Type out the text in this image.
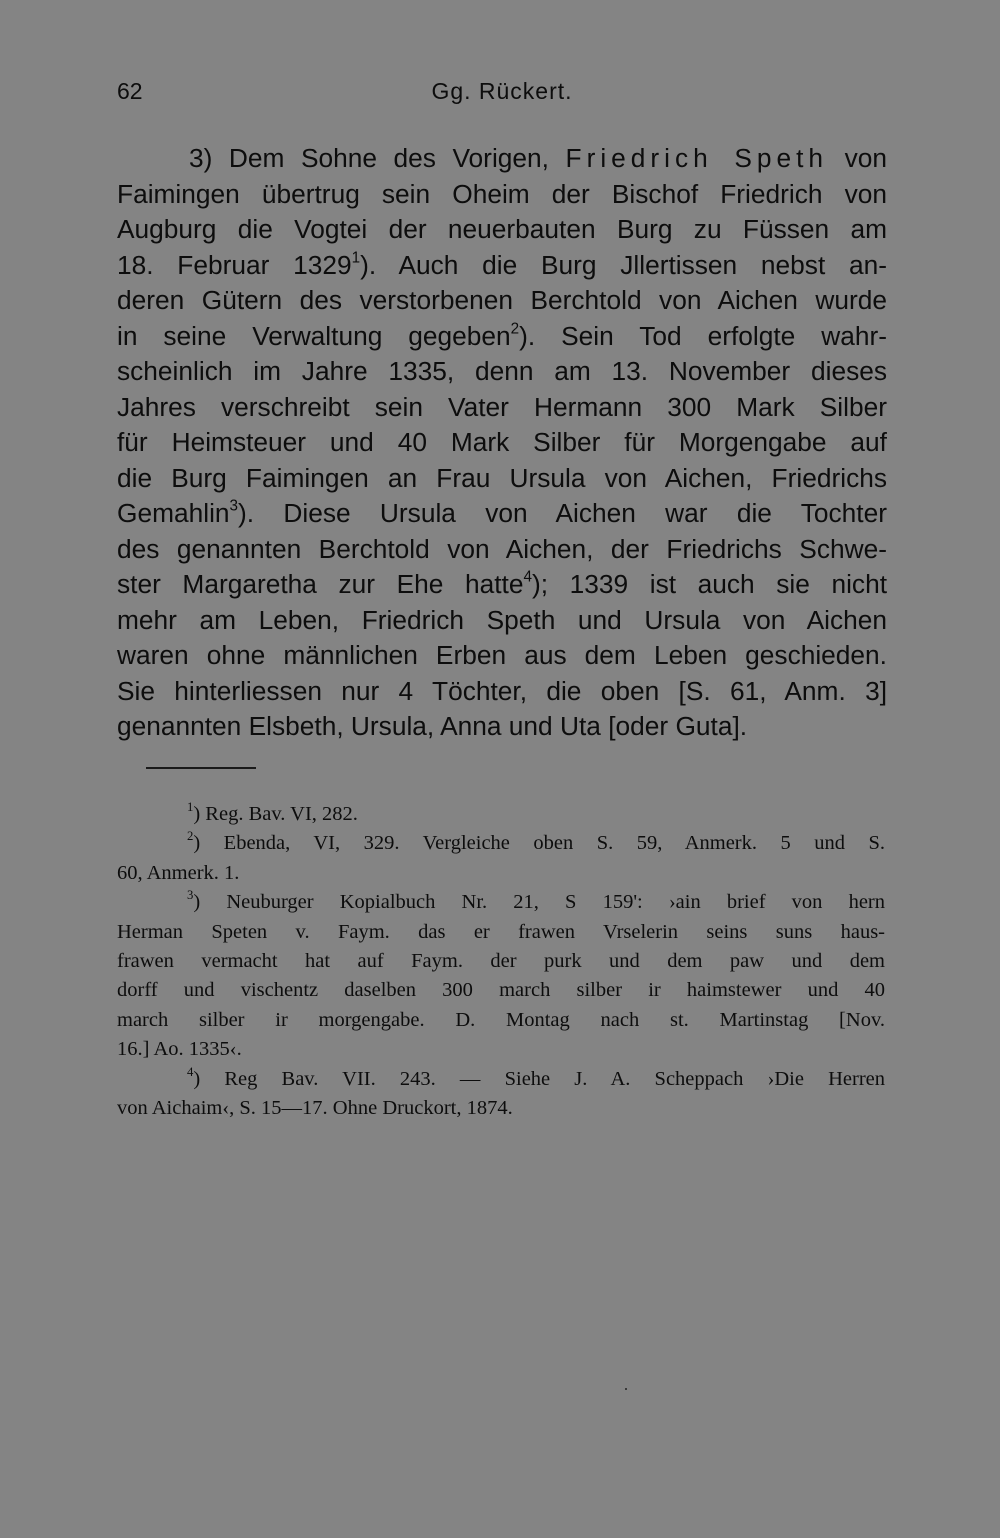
62	Gg. Rückert.
3) Dem Sohne des Vorigen, Friedrich Speth von
Faimingen übertrug sein Oheim der Bischof Friedrich von
Augburg die Vogtei der neuerbauten Burg zu Füssen am
18. Februar 1329$^1$). Auch die Burg Jllertissen nebst an-
deren Gütern des verstorbenen Berchtold von Aichen wurde
in seine Verwaltung gegeben$^2$). Sein Tod erfolgte wahr-
scheinlich im Jahre 1335, denn am 13. November dieses
Jahres verschreibt sein Vater Hermann 300 Mark Silber
für Heimsteuer und 40 Mark Silber für Morgengabe auf
die Burg Faimingen an Frau Ursula von Aichen, Friedrichs
Gemahlin$^3$). Diese Ursula von Aichen war die Tochter
des genannten Berchtold von Aichen, der Friedrichs Schwe-
ster Margaretha zur Ehe hatte$^4$); 1339 ist auch sie nicht
mehr am Leben, Friedrich Speth und Ursula von Aichen
waren ohne männlichen Erben aus dem Leben geschieden.
Sie hinterliessen nur 4 Töchter, die oben [S. 61, Anm. 3]
genannten Elsbeth, Ursula, Anna und Uta [oder Guta].
$^1$) Reg. Bav. VI, 282.
$^2$) Ebenda, VI, 329. Vergleiche oben S. 59, Anmerk. 5 und S.
60, Anmerk. 1.
$^3$) Neuburger Kopialbuch Nr. 21, S 159': ›ain brief von hern
Herman Speten v. Faym. das er frawen Vrselerin seins suns haus-
frawen vermacht hat auf Faym. der purk und dem paw und dem
dorff und vischentz daselben 300 march silber ir haimstewer und 40
march silber ir morgengabe. D. Montag nach st. Martinstag [Nov.
16.] Ao. 1335‹.
$^4$) Reg Bav. VII. 243. — Siehe J. A. Scheppach ›Die Herren
von Aichaim‹, S. 15—17. Ohne Druckort, 1874.
